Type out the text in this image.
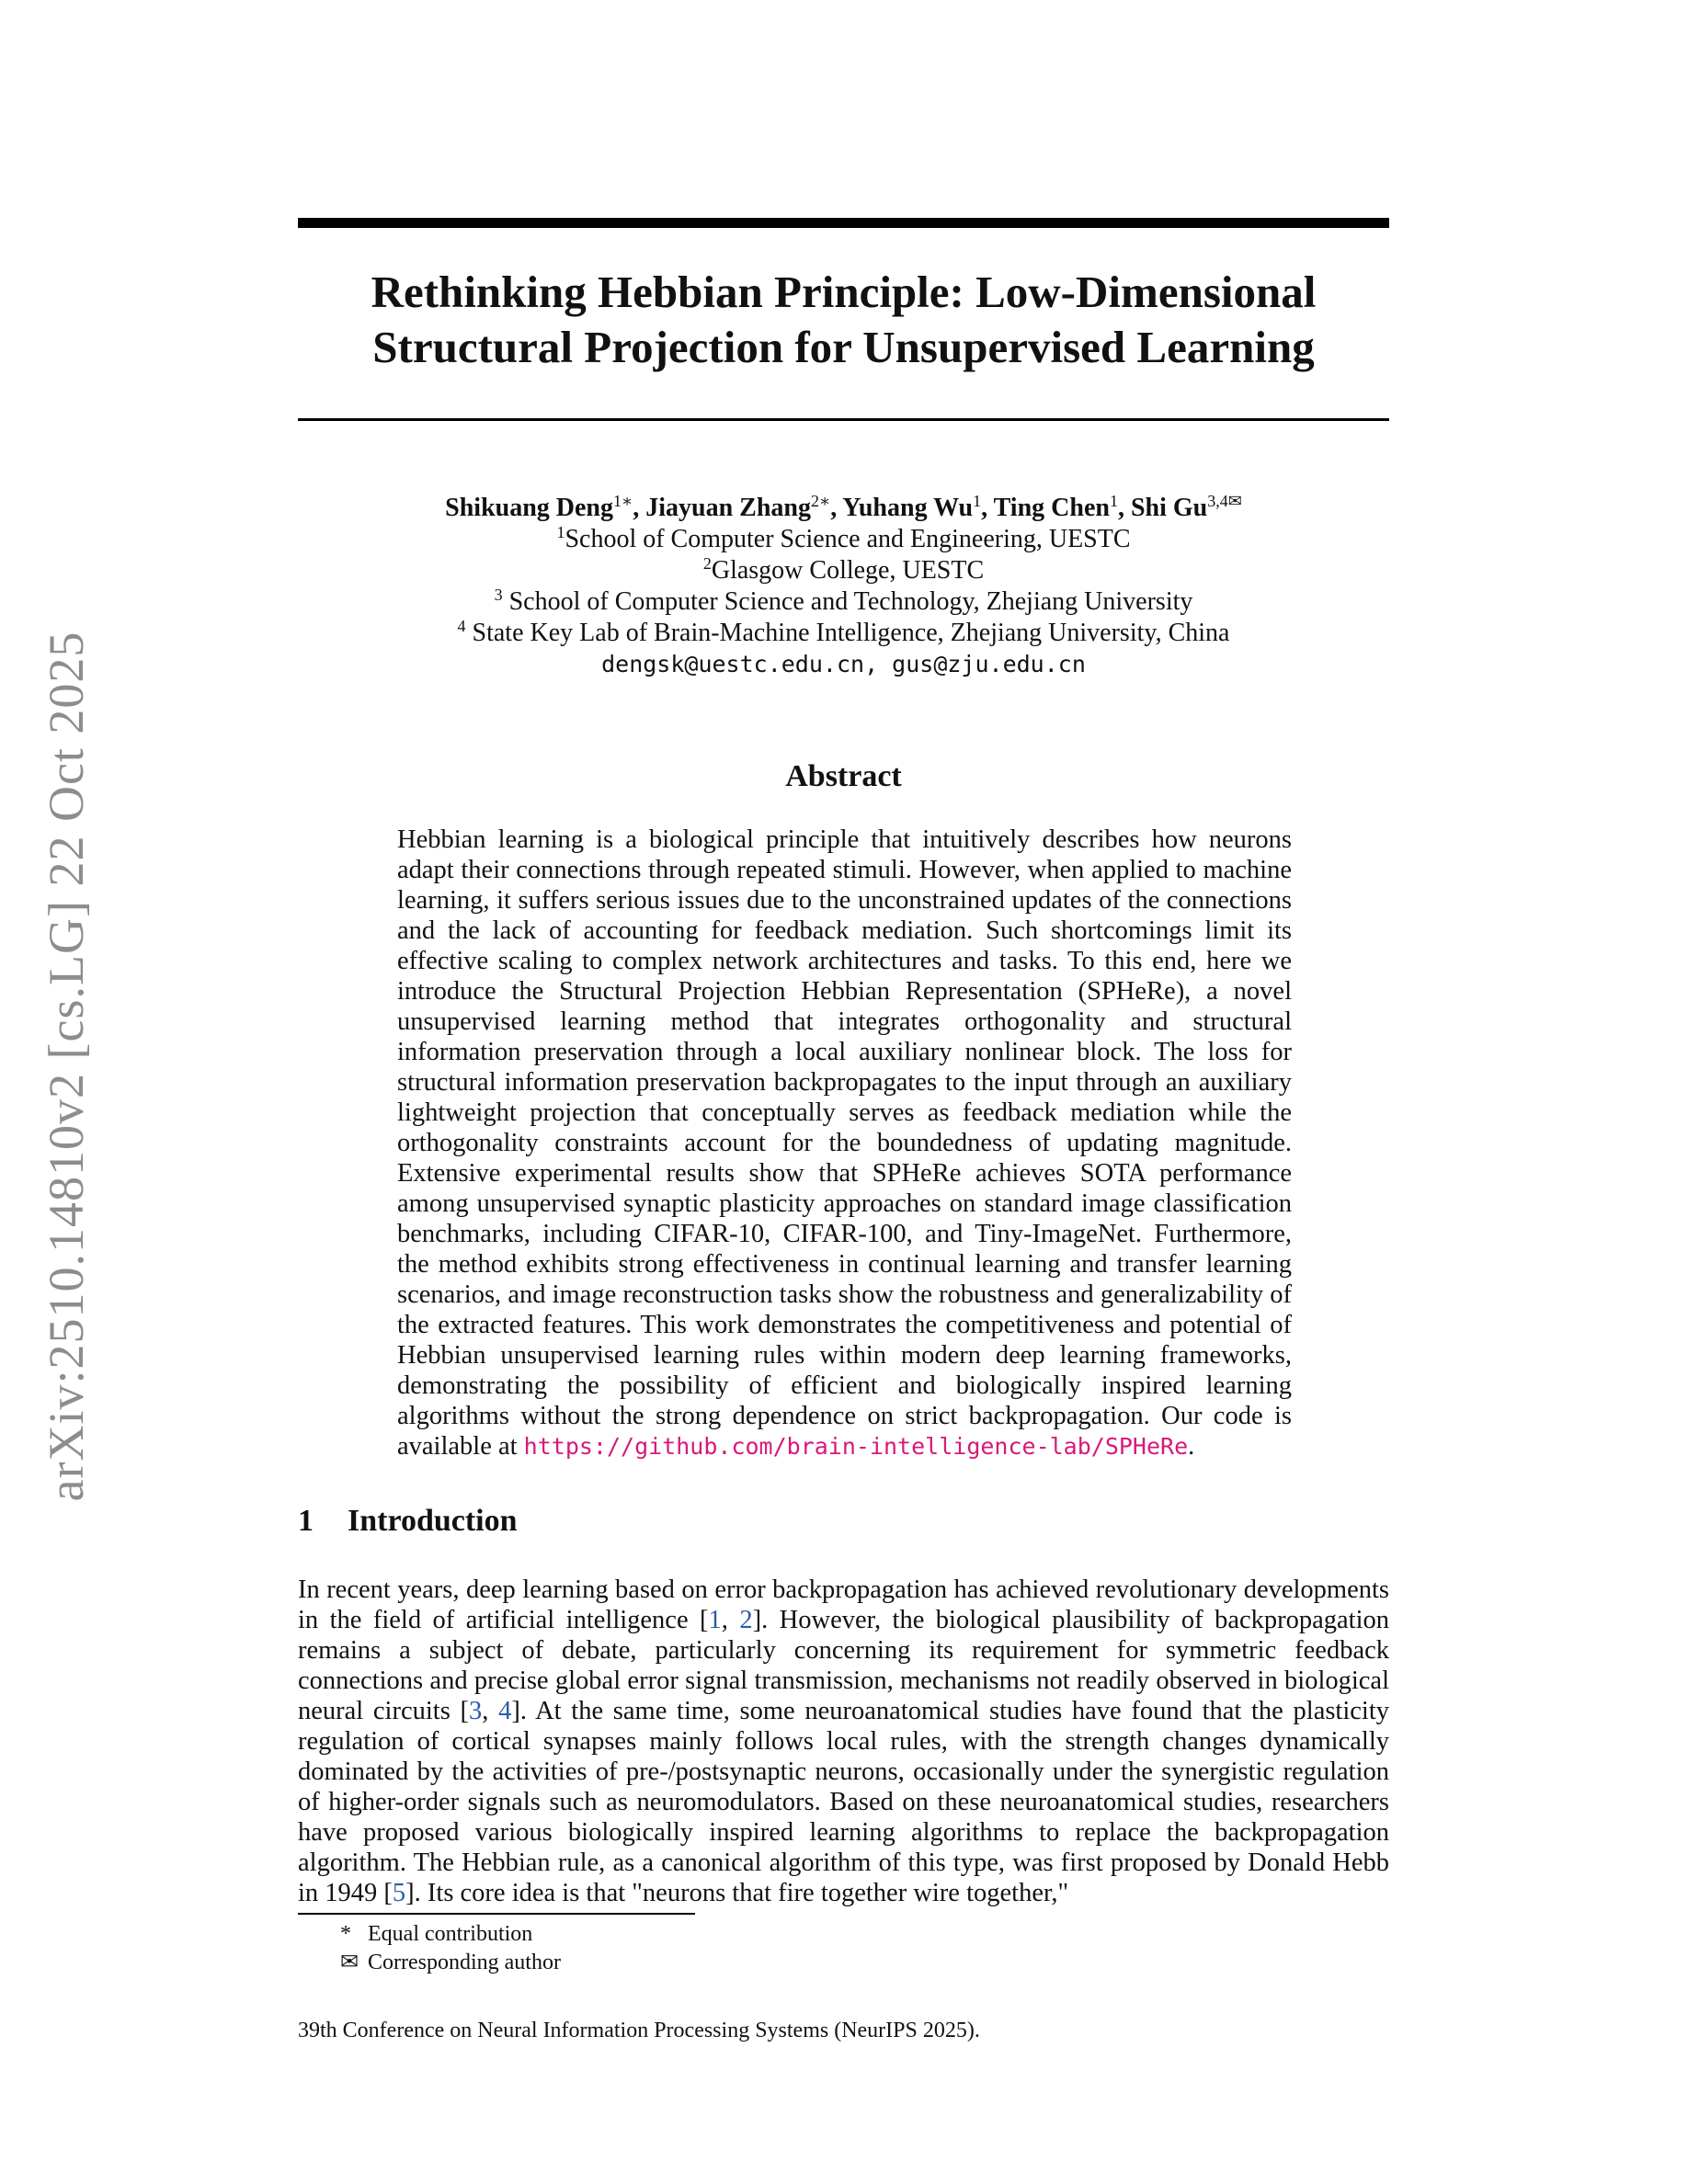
arXiv:2510.14810v2 [cs.LG] 22 Oct 2025
Rethinking Hebbian Principle: Low-Dimensional
Structural Projection for Unsupervised Learning
Shikuang Deng$^{1∗}$, Jiayuan Zhang$^{2∗}$, Yuhang Wu$^1$, Ting Chen$^1$, Shi $Gu^{3,4✉}$
$^1$School of Computer Science and Engineering, UESTC
$^2$Glasgow College, UESTC
$^3$ School of Computer Science and Technology, Zhejiang University
$^4$ State Key Lab of Brain-Machine Intelligence, Zhejiang University, China
dengsk@uestc.edu.cn, gus@zju.edu.cn
Abstract

Hebbian learning is a biological principle that intuitively describes how neurons adapt their connections through repeated stimuli. However, when applied to machine learning, it suffers serious issues due to the unconstrained updates of the connections and the lack of accounting for feedback mediation. Such shortcomings limit its effective scaling to complex network architectures and tasks. To this end, here we introduce the Structural Projection Hebbian Representation (SPHeRe), a novel unsupervised learning method that integrates orthogonality and structural information preservation through a local auxiliary nonlinear block. The loss for structural information preservation backpropagates to the input through an auxiliary lightweight projection that conceptually serves as feedback mediation while the orthogonality constraints account for the boundedness of updating magnitude. Extensive experimental results show that SPHeRe achieves SOTA performance among unsupervised synaptic plasticity approaches on standard image classification benchmarks, including CIFAR-10, CIFAR-100, and Tiny-ImageNet. Furthermore, the method exhibits strong effectiveness in continual learning and transfer learning scenarios, and image reconstruction tasks show the robustness and generalizability of the extracted features. This work demonstrates the competitiveness and potential of Hebbian unsupervised learning rules within modern deep learning frameworks, demonstrating the possibility of efficient and biologically inspired learning algorithms without the strong dependence on strict backpropagation. Our code is available at https://github.com/brain-intelligence-lab/SPHeRe.

1 Introduction

In recent years, deep learning based on error backpropagation has achieved revolutionary developments in the field of artificial intelligence [1, 2]. However, the biological plausibility of backpropagation remains a subject of debate, particularly concerning its requirement for symmetric feedback connections and precise global error signal transmission, mechanisms not readily observed in biological neural circuits [3, 4]. At the same time, some neuroanatomical studies have found that the plasticity regulation of cortical synapses mainly follows local rules, with the strength changes dynamically dominated by the activities of pre-/postsynaptic neurons, occasionally under the synergistic regulation of higher-order signals such as neuromodulators. Based on these neuroanatomical studies, researchers have proposed various biologically inspired learning algorithms to replace the backpropagation algorithm. The Hebbian rule, as a canonical algorithm of this type, was first proposed by Donald Hebb in 1949 [5]. Its core idea is that "neurons that fire together wire together,"

* Equal contribution
✉ Corresponding author
39th Conference on Neural Information Processing Systems (NeurIPS 2025).
